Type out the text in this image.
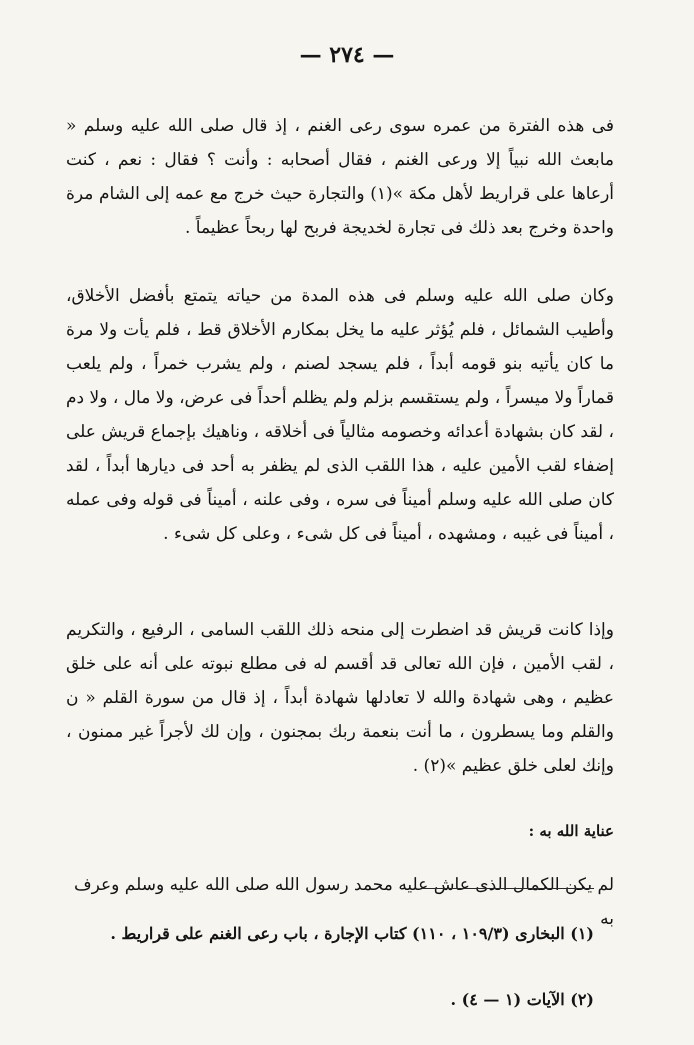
— ٢٧٤ —

فى هذه الفترة من عمره سوى رعى الغنم ، إذ قال صلى الله عليه وسلم « مابعث الله نبياً إلا ورعى الغنم ، فقال أصحابه : وأنت ؟ فقال : نعم ، كنت أرعاها على قراريط لأهل مكة »(١) والتجارة حيث خرج مع عمه إلى الشام مرة واحدة وخرج بعد ذلك فى تجارة لخديجة فربح لها ربحاً عظيماً .

وكان صلى الله عليه وسلم فى هذه المدة من حياته يتمتع بأفضل الأخلاق، وأطيب الشمائل ، فلم يُؤثر عليه ما يخل بمكارم الأخلاق قط ، فلم يأت ولا مرة ما كان يأتيه بنو قومه أبداً ، فلم يسجد لصنم ، ولم يشرب خمراً ، ولم يلعب قماراً ولا ميسراً ، ولم يستقسم بزلم ولم يظلم أحداً فى عرض، ولا مال ، ولا دم ، لقد كان بشهادة أعدائه وخصومه مثالياً فى أخلاقه ، وناهيك بإجماع قريش على إضفاء لقب الأمين عليه ، هذا اللقب الذى لم يظفر به أحد فى ديارها أبداً ، لقد كان صلى الله عليه وسلم أميناً فى سره ، وفى علنه ، أميناً فى قوله وفى عمله ، أميناً فى غيبه ، ومشهده ، أميناً فى كل شىء ، وعلى كل شىء .

وإذا كانت قريش قد اضطرت إلى منحه ذلك اللقب السامى ، الرفيع ، والتكريم ، لقب الأمين ، فإن الله تعالى قد أقسم له فى مطلع نبوته على أنه على خلق عظيم ، وهى شهادة والله لا تعادلها شهادة أبداً ، إذ قال من سورة القلم « ن والقلم وما يسطرون ، ما أنت بنعمة ربك بمجنون ، وإن لك لأجراً غير ممنون ، وإنك لعلى خلق عظيم »(٢) .

عناية الله به :

لم يكن الكمال الذى عاش عليه محمد رسول الله صلى الله عليه وسلم وعرف به

(١) البخارى (١٠٩/٣ ، ١١٠) كتاب الإجارة ، باب رعى الغنم على قراريط .

(٢) الآيات (١ — ٤) .
